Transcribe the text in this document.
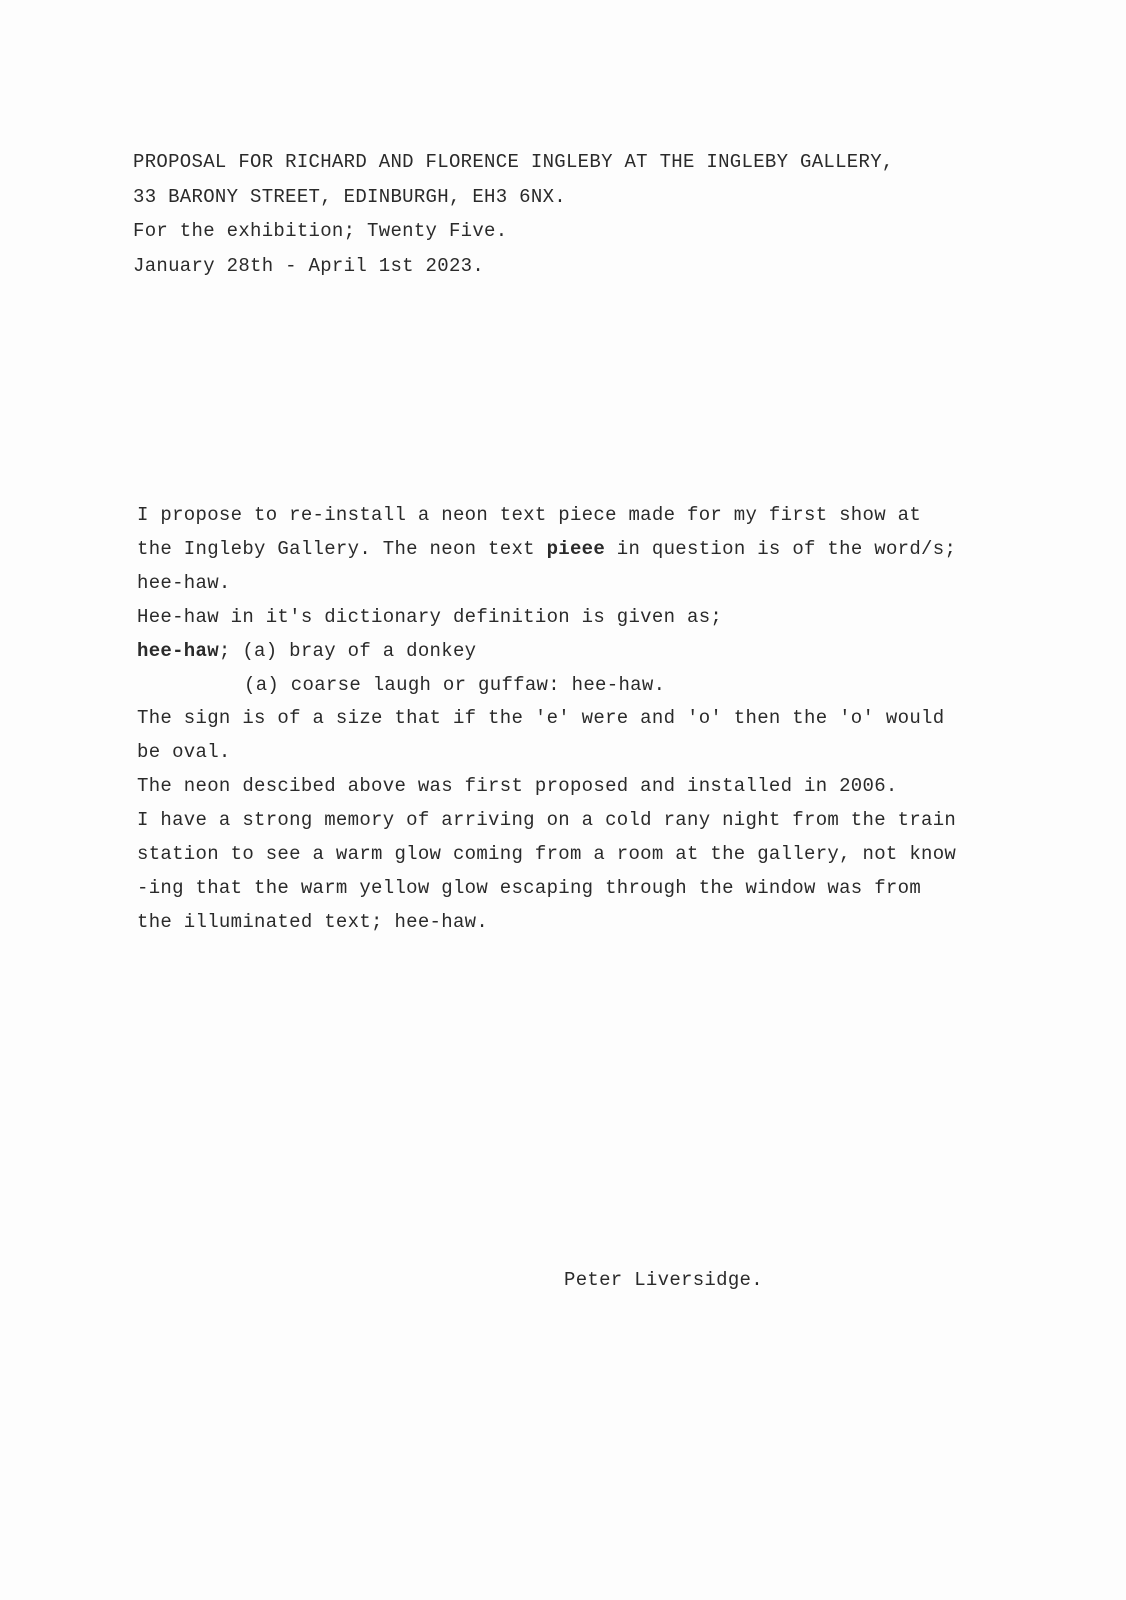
PROPOSAL FOR RICHARD AND FLORENCE INGLEBY AT THE INGLEBY GALLERY,
33 BARONY STREET, EDINBURGH, EH3 6NX.
For the exhibition; Twenty Five.
January 28th - April 1st 2023.
I propose to re-install a neon text piece made for my first show at
the Ingleby Gallery. The neon text pieee in question is of the word/s;
hee-haw.
Hee-haw in it's dictionary definition is given as;
hee-haw; (a) bray of a donkey
(a) coarse laugh or guffaw: hee-haw.
The sign is of a size that if the 'e' were and 'o' then the 'o' would
be oval.
The neon descibed above was first proposed and installed in 2006.
I have a strong memory of arriving on a cold rany night from the train
station to see a warm glow coming from a room at the gallery, not know
-ing that the warm yellow glow escaping through the window was from
the illuminated text; hee-haw.
Peter Liversidge.
